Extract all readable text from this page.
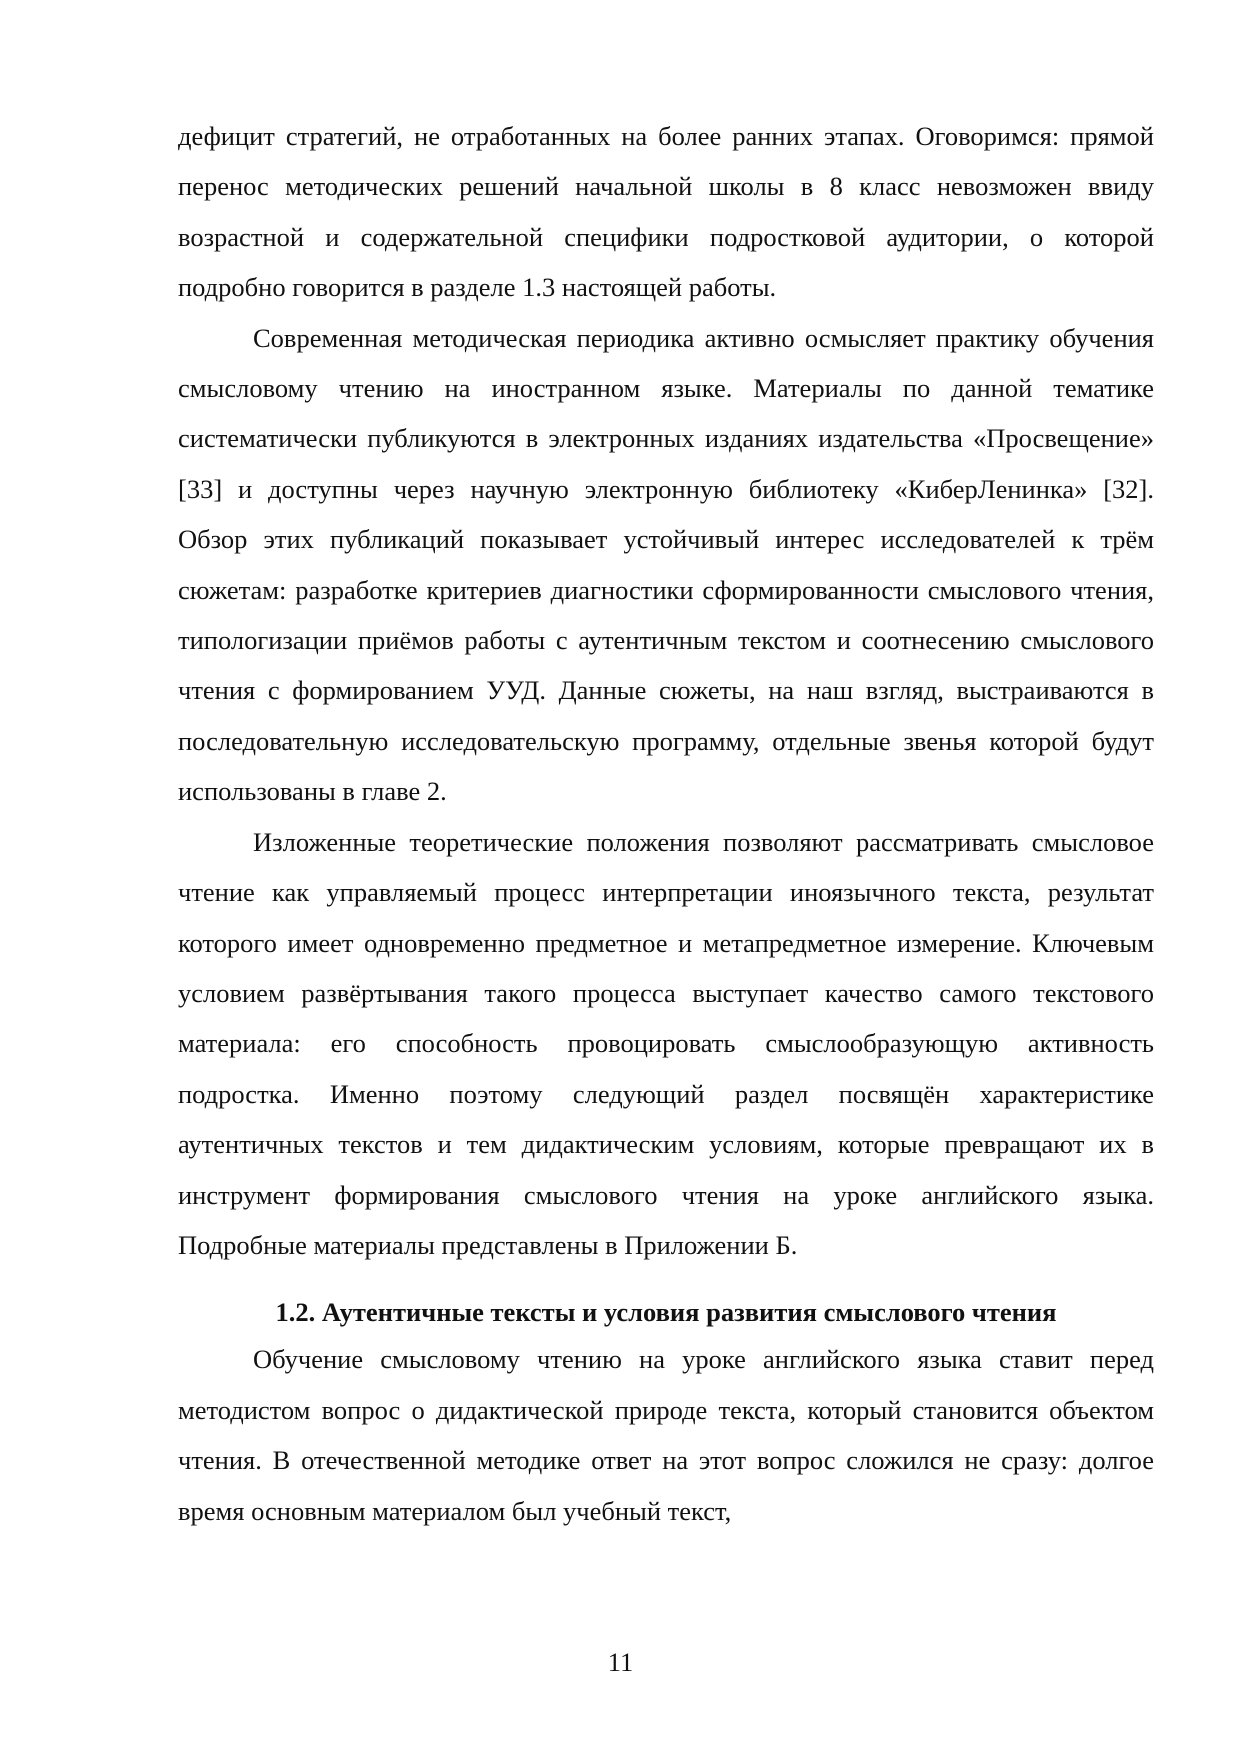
дефицит стратегий, не отработанных на более ранних этапах. Оговоримся: прямой перенос методических решений начальной школы в 8 класс невозможен ввиду возрастной и содержательной специфики подростковой аудитории, о которой подробно говорится в разделе 1.3 настоящей работы.

Современная методическая периодика активно осмысляет практику обучения смысловому чтению на иностранном языке. Материалы по данной тематике систематически публикуются в электронных изданиях издательства «Просвещение» [33] и доступны через научную электронную библиотеку «КиберЛенинка» [32]. Обзор этих публикаций показывает устойчивый интерес исследователей к трём сюжетам: разработке критериев диагностики сформированности смыслового чтения, типологизации приёмов работы с аутентичным текстом и соотнесению смыслового чтения с формированием УУД. Данные сюжеты, на наш взгляд, выстраиваются в последовательную исследовательскую программу, отдельные звенья которой будут использованы в главе 2.

Изложенные теоретические положения позволяют рассматривать смысловое чтение как управляемый процесс интерпретации иноязычного текста, результат которого имеет одновременно предметное и метапредметное измерение. Ключевым условием развёртывания такого процесса выступает качество самого текстового материала: его способность провоцировать смыслообразующую активность подростка. Именно поэтому следующий раздел посвящён характеристике аутентичных текстов и тем дидактическим условиям, которые превращают их в инструмент формирования смыслового чтения на уроке английского языка. Подробные материалы представлены в Приложении Б.

1.2. Аутентичные тексты и условия развития смыслового чтения

Обучение смысловому чтению на уроке английского языка ставит перед методистом вопрос о дидактической природе текста, который становится объектом чтения. В отечественной методике ответ на этот вопрос сложился не сразу: долгое время основным материалом был учебный текст,

11
